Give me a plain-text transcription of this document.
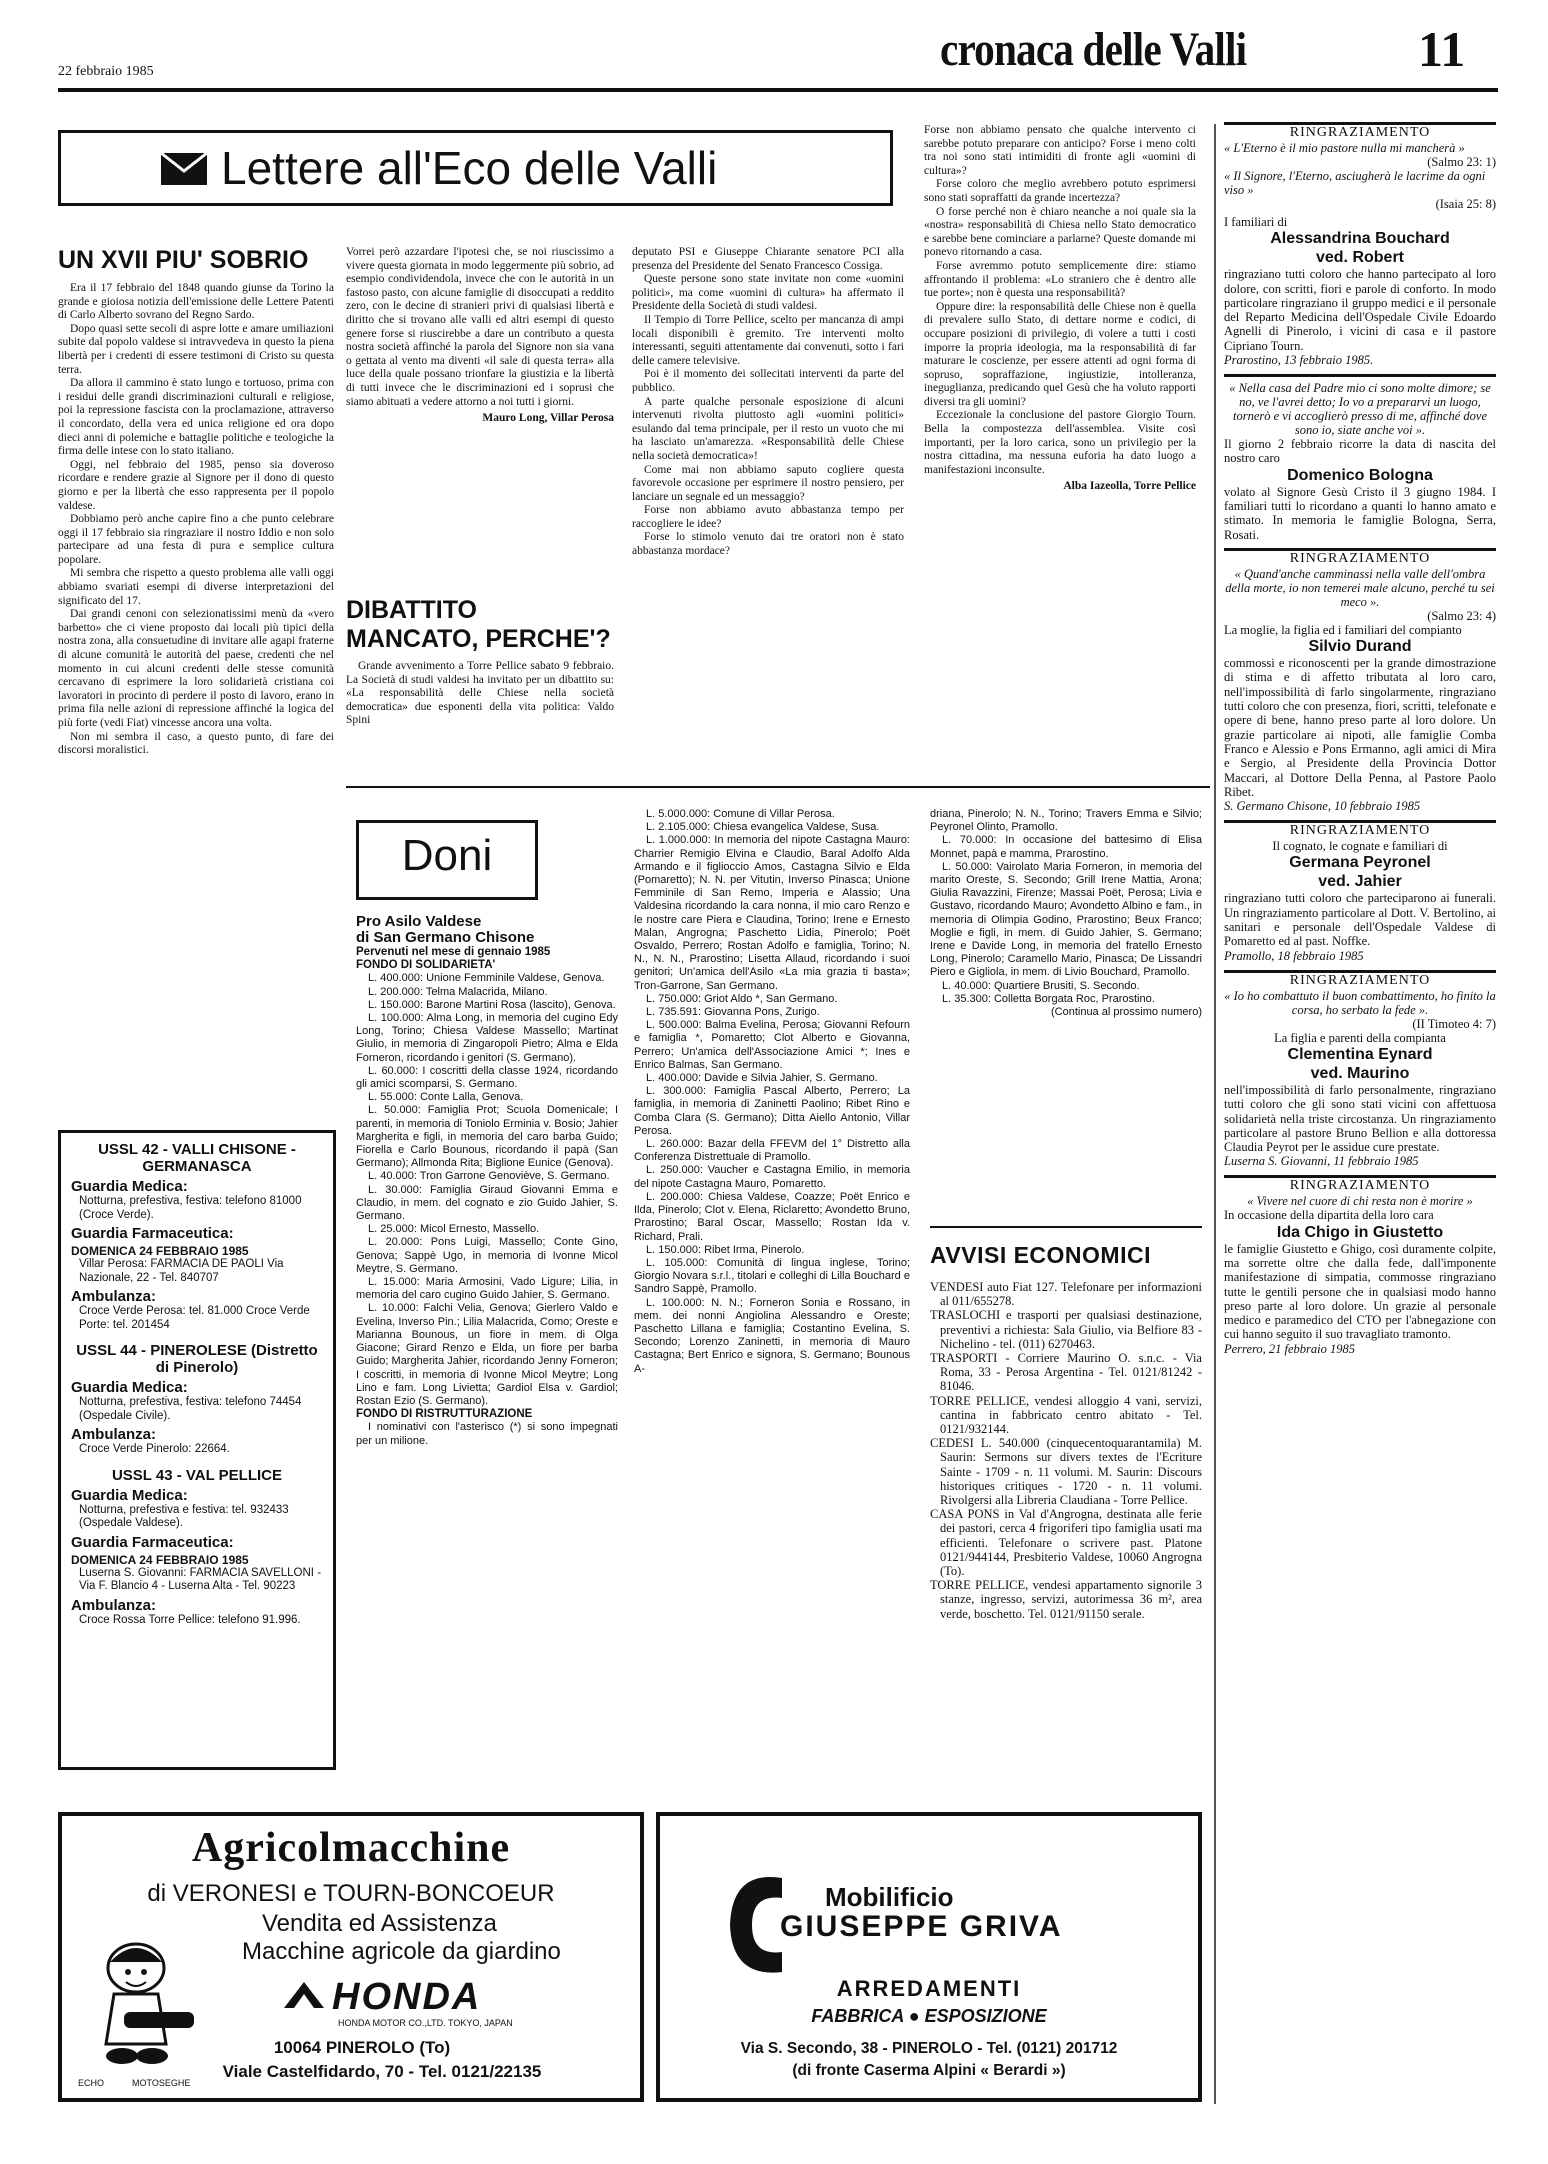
22 febbraio 1985	cronaca delle Valli	11
Lettere all'Eco delle Valli
UN XVII PIU' SOBRIO

Era il 17 febbraio del 1848 quando giunse da Torino la grande e gioiosa notizia dell'emissione delle Lettere Patenti di Carlo Alberto sovrano del Regno Sardo.

Dopo quasi sette secoli di aspre lotte e amare umiliazioni subite dal popolo valdese si intravvedeva in questo la piena libertà per i credenti di essere testimoni di Cristo su questa terra.

Da allora il cammino è stato lungo e tortuoso, prima con i residui delle grandi discriminazioni culturali e religiose, poi la repressione fascista con la proclamazione, attraverso il concordato, della vera ed unica religione ed ora dopo dieci anni di polemiche e battaglie politiche e teologiche la firma delle intese con lo stato italiano.

Oggi, nel febbraio del 1985, penso sia doveroso ricordare e rendere grazie al Signore per il dono di questo giorno e per la libertà che esso rappresenta per il popolo valdese.

Dobbiamo però anche capire fino a che punto celebrare oggi il 17 febbraio sia ringraziare il nostro Iddio e non solo partecipare ad una festa di pura e semplice cultura popolare.

Mi sembra che rispetto a questo problema alle valli oggi abbiamo svariati esempi di diverse interpretazioni del significato del 17.

Dai grandi cenoni con selezionatissimi menù da «vero barbetto» che ci viene proposto dai locali più tipici della nostra zona, alla consuetudine di invitare alle agapi fraterne di alcune comunità le autorità del paese, credenti che nel momento in cui alcuni credenti delle stesse comunità cercavano di esprimere la loro solidarietà cristiana coi lavoratori in procinto di perdere il posto di lavoro, erano in prima fila nelle azioni di repressione affinché la logica del più forte (vedi Fiat) vincesse ancora una volta.

Non mi sembra il caso, a questo punto, di fare dei discorsi moralistici.

Vorrei però azzardare l'ipotesi che, se noi riuscissimo a vivere questa giornata in modo leggermente più sobrio, ad esempio condividendola, invece che con le autorità in un fastoso pasto, con alcune famiglie di disoccupati a reddito zero, con le decine di stranieri privi di qualsiasi libertà e diritto che si trovano alle valli ed altri esempi di questo genere forse si riuscirebbe a dare un contributo a questa nostra società affinché la parola del Signore non sia vana o gettata al vento ma diventi «il sale di questa terra» alla luce della quale possano trionfare la giustizia e la libertà di tutti invece che le discriminazioni ed i soprusi che siamo abituati a vedere attorno a noi tutti i giorni.

Mauro Long, Villar Perosa
DIBATTITO
MANCATO, PERCHE'?

Grande avvenimento a Torre Pellice sabato 9 febbraio. La Società di studi valdesi ha invitato per un dibattito su: «La responsabilità delle Chiese nella società democratica» due esponenti della vita politica: Valdo Spini

deputato PSI e Giuseppe Chiarante senatore PCI alla presenza del Presidente del Senato Francesco Cossiga.

Queste persone sono state invitate non come «uomini politici», ma come «uomini di cultura» ha affermato il Presidente della Società di studi valdesi.

Il Tempio di Torre Pellice, scelto per mancanza di ampi locali disponibili è gremito. Tre interventi molto interessanti, seguiti attentamente dai convenuti, sotto i fari delle camere televisive.

Poi è il momento dei sollecitati interventi da parte del pubblico.

A parte qualche personale esposizione di alcuni intervenuti rivolta piuttosto agli «uomini politici» esulando dal tema principale, per il resto un vuoto che mi ha lasciato un'amarezza. «Responsabilità delle Chiese nella società democratica»!

Come mai non abbiamo saputo cogliere questa favorevole occasione per esprimere il nostro pensiero, per lanciare un segnale ed un messaggio?

Forse non abbiamo avuto abbastanza tempo per raccogliere le idee?

Forse lo stimolo venuto dai tre oratori non è stato abbastanza mordace?

Forse non abbiamo pensato che qualche intervento ci sarebbe potuto preparare con anticipo? Forse i meno colti tra noi sono stati intimiditi di fronte agli «uomini di cultura»?

Forse coloro che meglio avrebbero potuto esprimersi sono stati sopraffatti da grande incertezza?

O forse perché non è chiaro neanche a noi quale sia la «nostra» responsabilità di Chiesa nello Stato democratico e sarebbe bene cominciare a parlarne? Queste domande mi ponevo ritornando a casa.

Forse avremmo potuto semplicemente dire: stiamo affrontando il problema: «Lo straniero che è dentro alle tue porte»; non è questa una responsabilità?

Oppure dire: la responsabilità delle Chiese non è quella di prevalere sullo Stato, di dettare norme e codici, di occupare posizioni di privilegio, di volere a tutti i costi imporre la propria ideologia, ma la responsabilità di far maturare le coscienze, per essere attenti ad ogni forma di sopruso, sopraffazione, ingiustizie, intolleranza, ineguglianza, predicando quel Gesù che ha voluto rapporti diversi tra gli uomini?

Eccezionale la conclusione del pastore Giorgio Tourn. Bella la compostezza dell'assemblea. Visite così importanti, per la loro carica, sono un privilegio per la nostra cittadina, ma nessuna euforia ha dato luogo a manifestazioni inconsulte.

Alba Iazeolla, Torre Pellice
USSL 42 - VALLI CHISONE - GERMANASCA
Guardia Medica:
Notturna, prefestiva, festiva: telefono 81000 (Croce Verde).
Guardia Farmaceutica:
DOMENICA 24 FEBBRAIO 1985
Villar Perosa: FARMACIA DE PAOLI Via Nazionale, 22 - Tel. 840707
Ambulanza:
Croce Verde Perosa: tel. 81.000 Croce Verde Porte: tel. 201454
USSL 44 - PINEROLESE (Distretto di Pinerolo)
Guardia Medica:
Notturna, prefestiva, festiva: telefono 74454 (Ospedale Civile).
Ambulanza:
Croce Verde Pinerolo: 22664.
USSL 43 - VAL PELLICE
Guardia Medica:
Notturna, prefestiva e festiva: tel. 932433 (Ospedale Valdese).
Guardia Farmaceutica:
DOMENICA 24 FEBBRAIO 1985
Luserna S. Giovanni: FARMACIA SAVELLONI - Via F. Blancio 4 - Luserna Alta - Tel. 90223
Ambulanza:
Croce Rossa Torre Pellice: telefono 91.996.
Doni
Pro Asilo Valdese
di San Germano Chisone
Pervenuti nel mese di gennaio 1985
FONDO DI SOLIDARIETA'

L. 400.000: Unione Femminile Valdese, Genova.

L. 200.000: Telma Malacrida, Milano.

L. 150.000: Barone Martini Rosa (lascito), Genova.

L. 100.000: Alma Long, in memoria del cugino Edy Long, Torino; Chiesa Valdese Massello; Martinat Giulio, in memoria di Zingaropoli Pietro; Alma e Elda Forneron, ricordando i genitori (S. Germano).

L. 60.000: I coscritti della classe 1924, ricordando gli amici scomparsi, S. Germano.

L. 55.000: Conte Lalla, Genova.

L. 50.000: Famiglia Prot; Scuola Domenicale; I parenti, in memoria di Toniolo Erminia v. Bosio; Jahier Margherita e figli, in memoria del caro barba Guido; Fiorella e Carlo Bounous, ricordando il papà (San Germano); Allmonda Rita; Biglione Eunice (Genova).

L. 40.000: Tron Garrone Genoviève, S. Germano.

L. 30.000: Famiglia Giraud Giovanni Emma e Claudio, in mem. del cognato e zio Guido Jahier, S. Germano.

L. 25.000: Micol Ernesto, Massello.

L. 20.000: Pons Luigi, Massello; Conte Gino, Genova; Sappè Ugo, in memoria di Ivonne Micol Meytre, S. Germano.

L. 15.000: Maria Armosini, Vado Ligure; Lilia, in memoria del caro cugino Guido Jahier, S. Germano.

L. 10.000: Falchi Velia, Genova; Gierlero Valdo e Evelina, Inverso Pin.; Lilia Malacrida, Como; Oreste e Marianna Bounous, un fiore in mem. di Olga Giacone; Girard Renzo e Elda, un fiore per barba Guido; Margherita Jahier, ricordando Jenny Forneron; I coscritti, in memoria di Ivonne Micol Meytre; Long Lino e fam. Long Livietta; Gardiol Elsa v. Gardiol; Rostan Ezio (S. Germano).

FONDO DI RISTRUTTURAZIONE

I nominativi con l'asterisco (*) si sono impegnati per un milione.

L. 5.000.000: Comune di Villar Perosa.

L. 2.105.000: Chiesa evangelica Valdese, Susa.

L. 1.000.000: In memoria del nipote Castagna Mauro: Charrier Remigio Elvina e Claudio, Baral Adolfo Alda Armando e il figlioccio Amos, Castagna Silvio e Elda (Pomaretto); N. N. per Vitutin, Inverso Pinasca; Unione Femminile di San Remo, Imperia e Alassio; Una Valdesina ricordando la cara nonna, il mio caro Renzo e le nostre care Piera e Claudina, Torino; Irene e Ernesto Malan, Angrogna; Paschetto Lidia, Pinerolo; Poët Osvaldo, Perrero; Rostan Adolfo e famiglia, Torino; N. N., N. N., Prarostino; Lisetta Allaud, ricordando i suoi genitori; Un'amica dell'Asilo «La mia grazia ti basta»; Tron-Garrone, San Germano.

L. 750.000: Griot Aldo *, San Germano.

L. 735.591: Giovanna Pons, Zurigo.

L. 500.000: Balma Evelina, Perosa; Giovanni Refourn e famiglia *, Pomaretto; Clot Alberto e Giovanna, Perrero; Un'amica dell'Associazione Amici *; Ines e Enrico Balmas, San Germano.

L. 400.000: Davide e Silvia Jahier, S. Germano.

L. 300.000: Famiglia Pascal Alberto, Perrero; La famiglia, in memoria di Zaninetti Paolino; Ribet Rino e Comba Clara (S. Germano); Ditta Aiello Antonio, Villar Perosa.

L. 260.000: Bazar della FFEVM del 1° Distretto alla Conferenza Distrettuale di Pramollo.

L. 250.000: Vaucher e Castagna Emilio, in memoria del nipote Castagna Mauro, Pomaretto.

L. 200.000: Chiesa Valdese, Coazze; Poët Enrico e Ilda, Pinerolo; Clot v. Elena, Riclaretto; Avondetto Bruno, Prarostino; Baral Oscar, Massello; Rostan Ida v. Richard, Prali.

L. 150.000: Ribet Irma, Pinerolo.

L. 105.000: Comunità di lingua inglese, Torino; Giorgio Novara s.r.l., titolari e colleghi di Lilla Bouchard e Sandro Sappè, Pramollo.

L. 100.000: N. N.; Forneron Sonia e Rossano, in mem. dei nonni Angiolina Alessandro e Oreste; Paschetto Lillana e famiglia; Costantino Evelina, S. Secondo; Lorenzo Zaninetti, in memoria di Mauro Castagna; Bert Enrico e signora, S. Germano; Bounous A-

driana, Pinerolo; N. N., Torino; Travers Emma e Silvio; Peyronel Olinto, Pramollo.

L. 70.000: In occasione del battesimo di Elisa Monnet, papà e mamma, Prarostino.

L. 50.000: Vairolato Maria Forneron, in memoria del marito Oreste, S. Secondo; Grill Irene Mattia, Arona; Giulia Ravazzini, Firenze; Massai Poët, Perosa; Livia e Gustavo, ricordando Mauro; Avondetto Albino e fam., in memoria di Olimpia Godino, Prarostino; Beux Franco; Moglie e figli, in mem. di Guido Jahier, S. Germano; Irene e Davide Long, in memoria del fratello Ernesto Long, Pinerolo; Caramello Mario, Pinasca; De Lissandri Piero e Gigliola, in mem. di Livio Bouchard, Pramollo.

L. 40.000: Quartiere Brusiti, S. Secondo.

L. 35.300: Colletta Borgata Roc, Prarostino.

(Continua al prossimo numero)
AVVISI ECONOMICI

VENDESI auto Fiat 127. Telefonare per informazioni al 011/655278.

TRASLOCHI e trasporti per qualsiasi destinazione, preventivi a richiesta: Sala Giulio, via Belfiore 83 - Nichelino - tel. (011) 6270463.

TRASPORTI - Corriere Maurino O. s.n.c. - Via Roma, 33 - Perosa Argentina - Tel. 0121/81242 - 81046.

TORRE PELLICE, vendesi alloggio 4 vani, servizi, cantina in fabbricato centro abitato - Tel. 0121/932144.

CEDESI L. 540.000 (cinquecentoquarantamila) M. Saurin: Sermons sur divers textes de l'Ecriture Sainte - 1709 - n. 11 volumi. M. Saurin: Discours historiques critiques - 1720 - n. 11 volumi. Rivolgersi alla Libreria Claudiana - Torre Pellice.

CASA PONS in Val d'Angrogna, destinata alle ferie dei pastori, cerca 4 frigoriferi tipo famiglia usati ma efficienti. Telefonare o scrivere past. Platone 0121/944144, Presbiterio Valdese, 10060 Angrogna (To).

TORRE PELLICE, vendesi appartamento signorile 3 stanze, ingresso, servizi, autorimessa 36 m², area verde, boschetto. Tel. 0121/91150 serale.

RINGRAZIAMENTO
« L'Eterno è il mio pastore nulla mi mancherà »
(Salmo 23: 1)
« Il Signore, l'Eterno, asciugherà le lacrime da ogni viso »
(Isaia 25: 8)
I familiari di
Alessandrina Bouchard
ved. Robert
ringraziano tutti coloro che hanno partecipato al loro dolore, con scritti, fiori e parole di conforto. In modo particolare ringraziano il gruppo medici e il personale del Reparto Medicina dell'Ospedale Civile Edoardo Agnelli di Pinerolo, i vicini di casa e il pastore Cipriano Tourn.
Prarostino, 13 febbraio 1985.
« Nella casa del Padre mio ci sono molte dimore; se no, ve l'avrei detto; Io vo a prepararvi un luogo, tornerò e vi accoglierò presso di me, affinché dove sono io, siate anche voi ».
Il giorno 2 febbraio ricorre la data di nascita del nostro caro
Domenico Bologna
volato al Signore Gesù Cristo il 3 giugno 1984. I familiari tutti lo ricordano a quanti lo hanno amato e stimato. In memoria le famiglie Bologna, Serra, Rosati.
RINGRAZIAMENTO
« Quand'anche camminassi nella valle dell'ombra della morte, io non temerei male alcuno, perché tu sei meco ».
(Salmo 23: 4)
La moglie, la figlia ed i familiari del compianto
Silvio Durand
commossi e riconoscenti per la grande dimostrazione di stima e di affetto tributata al loro caro, nell'impossibilità di farlo singolarmente, ringraziano tutti coloro che con presenza, fiori, scritti, telefonate e opere di bene, hanno preso parte al loro dolore. Un grazie particolare ai nipoti, alle famiglie Comba Franco e Alessio e Pons Ermanno, agli amici di Mira e Sergio, al Presidente della Provincia Dottor Maccari, al Dottore Della Penna, al Pastore Paolo Ribet.
S. Germano Chisone, 10 febbraio 1985
RINGRAZIAMENTO
Il cognato, le cognate e familiari di
Germana Peyronel
ved. Jahier
ringraziano tutti coloro che parteciparono ai funerali. Un ringraziamento particolare al Dott. V. Bertolino, ai sanitari e personale dell'Ospedale Valdese di Pomaretto ed al past. Noffke.
Pramollo, 18 febbraio 1985
RINGRAZIAMENTO
« Io ho combattuto il buon combattimento, ho finito la corsa, ho serbato la fede ».
(II Timoteo 4: 7)
La figlia e parenti della compianta
Clementina Eynard
ved. Maurino
nell'impossibilità di farlo personalmente, ringraziano tutti coloro che gli sono stati vicini con affettuosa solidarietà nella triste circostanza. Un ringraziamento particolare al pastore Bruno Bellion e alla dottoressa Claudia Peyrot per le assidue cure prestate.
Luserna S. Giovanni, 11 febbraio 1985
RINGRAZIAMENTO
« Vivere nel cuore di chi resta non è morire »
In occasione della dipartita della loro cara
Ida Chigo in Giustetto
le famiglie Giustetto e Ghigo, così duramente colpite, ma sorrette oltre che dalla fede, dall'imponente manifestazione di simpatia, commosse ringraziano tutte le gentili persone che in qualsiasi modo hanno preso parte al loro dolore. Un grazie al personale medico e paramedico del CTO per l'abnegazione con cui hanno seguito il suo travagliato tramonto.
Perrero, 21 febbraio 1985
Agricolmacchine
di VERONESI e TOURN-BONCOEUR
Vendita ed Assistenza
Macchine agricole da giardino
ECHO	MOTOSEGHE
HONDA
HONDA MOTOR CO.,LTD. TOKYO, JAPAN
10064 PINEROLO (To)
Viale Castelfidardo, 70 - Tel. 0121/22135
Mobilificio
GIUSEPPE GRIVA
ARREDAMENTI
FABBRICA ● ESPOSIZIONE
Via S. Secondo, 38 - PINEROLO - Tel. (0121) 201712
(di fronte Caserma Alpini « Berardi »)
